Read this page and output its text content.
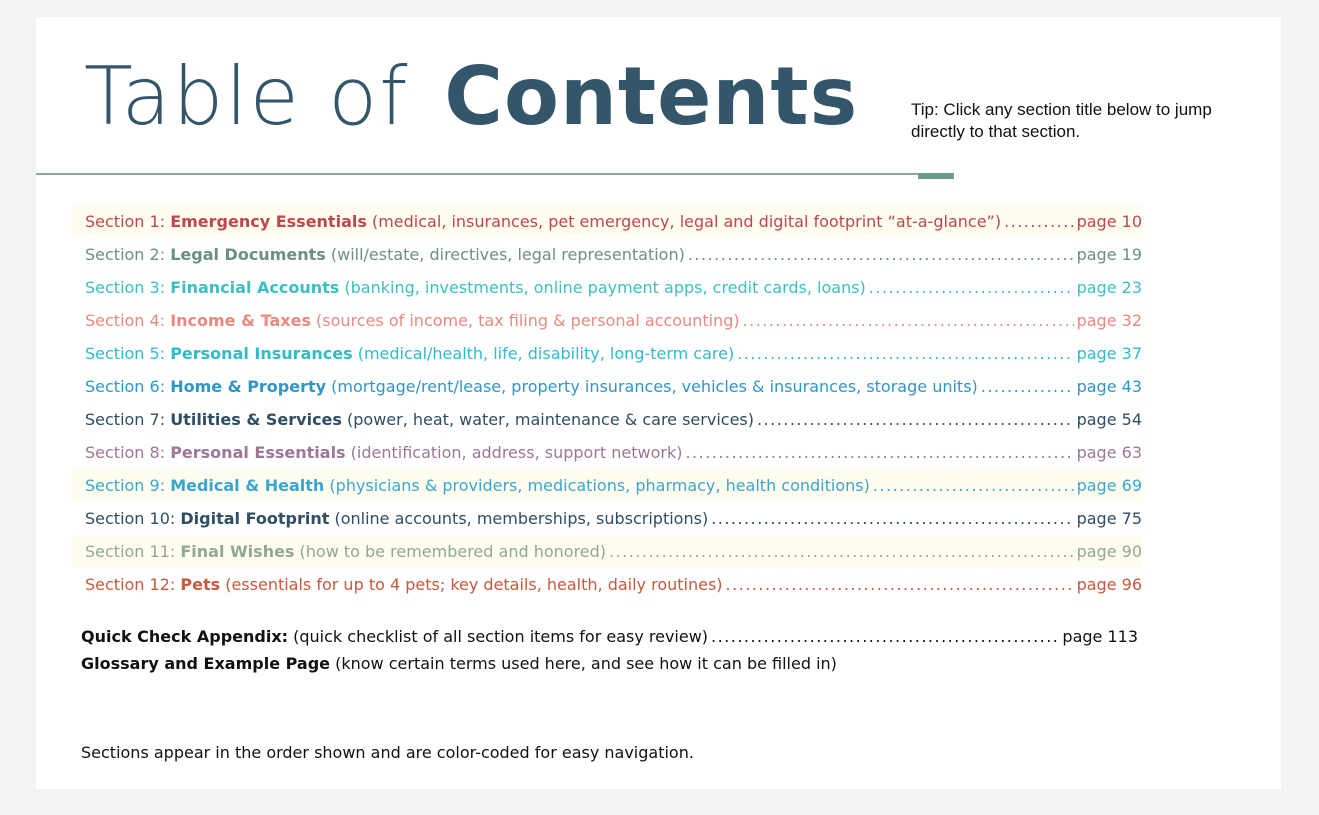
Table of Contents	Tip: Click any section title below to jump directly to that section.
Section 1: Emergency Essentials (medical, insurances, pet emergency, legal and digital footprint “at-a-glance”) . . .	page 10
Section 2: Legal Documents (will/estate, directives, legal representation) . . .	page 19
Section 3: Financial Accounts (banking, investments, online payment apps, credit cards, loans) . . .	page 23
Section 4: Income & Taxes (sources of income, tax filing & personal accounting) . . .	page 32
Section 5: Personal Insurances (medical/health, life, disability, long-term care) . . .	page 37
Section 6: Home & Property (mortgage/rent/lease, property insurances, vehicles & insurances, storage units) . . .	page 43
Section 7: Utilities & Services (power, heat, water, maintenance & care services) . . .	page 54
Section 8: Personal Essentials (identification, address, support network) . . .	page 63
Section 9: Medical & Health (physicians & providers, medications, pharmacy, health conditions) . . .	page 69
Section 10: Digital Footprint (online accounts, memberships, subscriptions) . . .	page 75
Section 11: Final Wishes (how to be remembered and honored) . . .	page 90
Section 12: Pets (essentials for up to 4 pets; key details, health, daily routines) . . .	page 96
Quick Check Appendix: (quick checklist of all section items for easy review) . . .	page 113
Glossary and Example Page (know certain terms used here, and see how it can be filled in)
Sections appear in the order shown and are color-coded for easy navigation.
